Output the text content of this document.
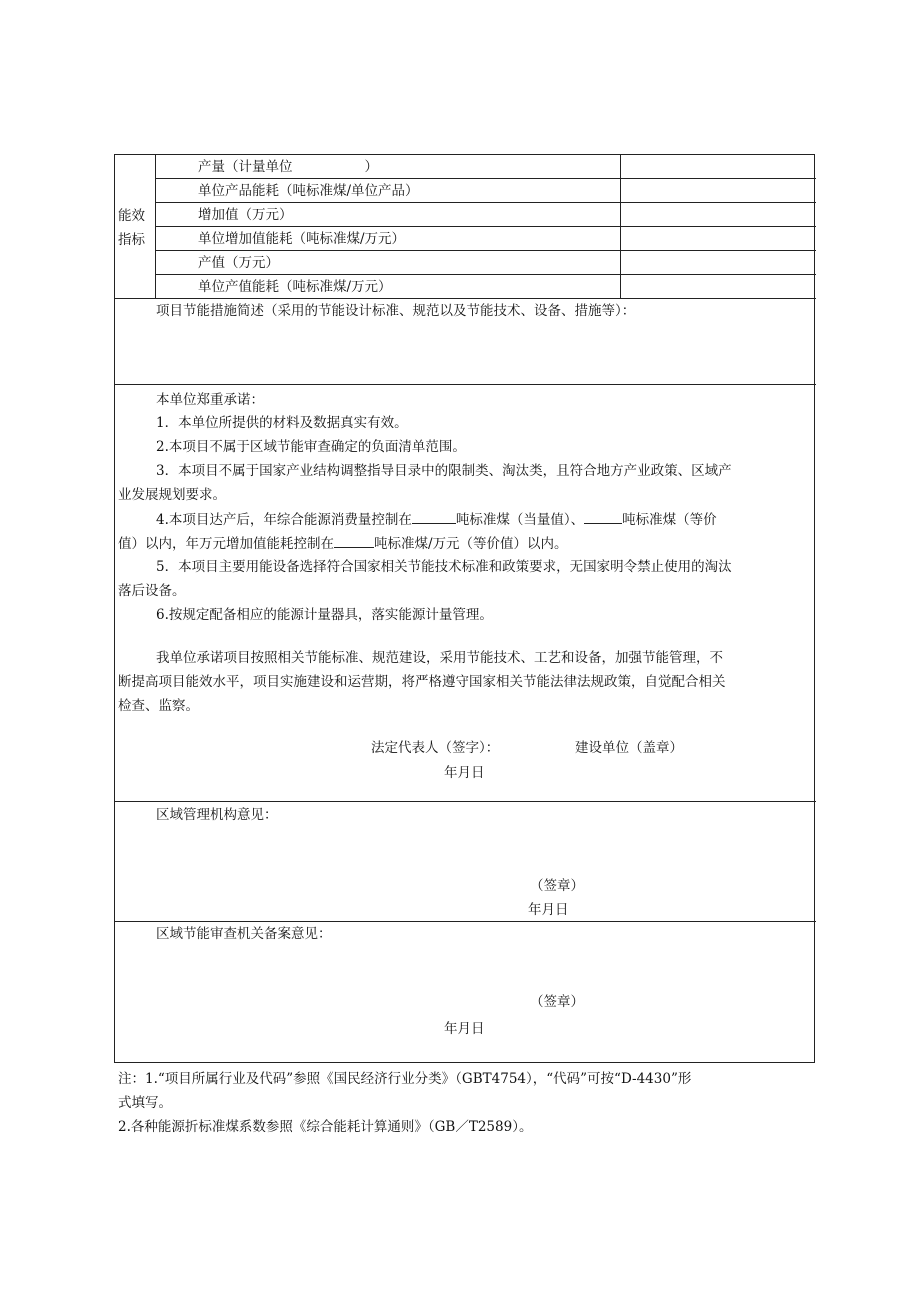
能效
指标
产量（计量单位	）
单位产品能耗（吨标准煤/单位产品）
增加值（万元）
单位增加值能耗（吨标准煤/万元）
产值（万元）
单位产值能耗（吨标准煤/万元）
项目节能措施简述（采用的节能设计标准、规范以及节能技术、设备、措施等）：
本单位郑重承诺：
1．本单位所提供的材料及数据真实有效。
2.本项目不属于区域节能审查确定的负面清单范围。
3．本项目不属于国家产业结构调整指导目录中的限制类、淘汰类，且符合地方产业政策、区域产
业发展规划要求。
4.本项目达产后，年综合能源消费量控制在	吨标准煤（当量值）、	吨标准煤（等价
值）以内，年万元增加值能耗控制在	吨标准煤/万元（等价值）以内。
5．本项目主要用能设备选择符合国家相关节能技术标准和政策要求，无国家明令禁止使用的淘汰
落后设备。
6.按规定配备相应的能源计量器具，落实能源计量管理。
我单位承诺项目按照相关节能标准、规范建设，采用节能技术、工艺和设备，加强节能管理，不
断提高项目能效水平，项目实施建设和运营期，将严格遵守国家相关节能法律法规政策，自觉配合相关
检查、监察。
法定代表人（签字）：	建设单位（盖章）
年月日
区域管理机构意见：
（签章）
年月日
区域节能审查机关备案意见：
（签章）
年月日
注：1.“项目所属行业及代码”参照《国民经济行业分类》（GBT4754），“代码”可按“D-4430”形
式填写。
2.各种能源折标准煤系数参照《综合能耗计算通则》（GB／T2589）。
